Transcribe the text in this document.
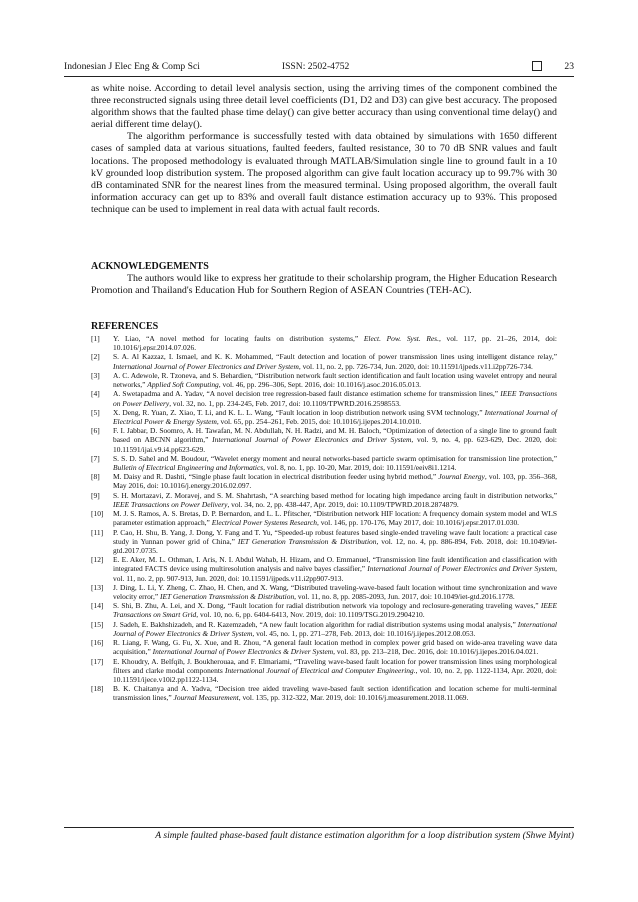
Indonesian J Elec Eng & Comp Sci	ISSN: 2502-4752	23

as white noise. According to detail level analysis section, using the arriving times of the component combined the three reconstructed signals using three detail level coefficients (D1, D2 and D3) can give best accuracy. The proposed algorithm shows that the faulted phase time delay() can give better accuracy than using conventional time delay() and aerial different time delay().

The algorithm performance is successfully tested with data obtained by simulations with 1650 different cases of sampled data at various situations, faulted feeders, faulted resistance, 30 to 70 dB SNR values and fault locations. The proposed methodology is evaluated through MATLAB/Simulation single line to ground fault in a 10 kV grounded loop distribution system. The proposed algorithm can give fault location accuracy up to 99.7% with 30 dB contaminated SNR for the nearest lines from the measured terminal. Using proposed algorithm, the overall fault information accuracy can get up to 83% and overall fault distance estimation accuracy up to 93%. This proposed technique can be used to implement in real data with actual fault records.

ACKNOWLEDGEMENTS
The authors would like to express her gratitude to their scholarship program, the Higher Education Research Promotion and Thailand's Education Hub for Southern Region of ASEAN Countries (TEH-AC).
REFERENCES
[1]	Y. Liao, “A novel method for locating faults on distribution systems,” Elect. Pow. Syst. Res., vol. 117, pp. 21–26, 2014, doi: 10.1016/j.epsr.2014.07.026.
[2]	S. A. Al Kazzaz, I. Ismael, and K. K. Mohammed, “Fault detection and location of power transmission lines using intelligent distance relay,” International Journal of Power Electronics and Driver System, vol. 11, no. 2, pp. 726-734, Jun. 2020, doi: 10.11591/ijpeds.v11.i2pp726-734.
[3]	A. C. Adewole, R. Tzoneva, and S. Behardien, “Distribution network fault section identification and fault location using wavelet entropy and neural networks,” Applied Soft Computing, vol. 46, pp. 296–306, Sept. 2016, doi: 10.1016/j.asoc.2016.05.013.
[4]	A. Swetapadma and A. Yadav, “A novel decision tree regression-based fault distance estimation scheme for transmission lines,” IEEE Transactions on Power Delivery, vol. 32, no. 1, pp. 234-245, Feb. 2017, doi: 10.1109/TPWRD.2016.2598553.
[5]	X. Deng, R. Yuan, Z. Xiao, T. Li, and K. L. L. Wang, “Fault location in loop distribution network using SVM technology,” International Journal of Electrical Power & Energy System, vol. 65, pp. 254–261, Feb. 2015, doi: 10.1016/j.ijepes.2014.10.010.
[6]	F. I. Jabbar, D. Soomro, A. H. Tawafan, M. N. Abdullah, N. H. Radzi, and M. H. Baloch, “Optimization of detection of a single line to ground fault based on ABCNN algorithm,” International Journal of Power Electronics and Driver System, vol. 9, no. 4, pp. 623-629, Dec. 2020, doi: 10.11591/ijai.v9.i4.pp623-629.
[7]	S. S. D. Sahel and M. Boudour, “Wavelet energy moment and neural networks-based particle swarm optimisation for transmission line protection,” Bulletin of Electrical Engineering and Informatics, vol. 8, no. 1, pp. 10-20, Mar. 2019, doi: 10.11591/eeiv8i1.1214.
[8]	M. Daisy and R. Dashti, “Single phase fault location in electrical distribution feeder using hybrid method,” Journal Energy, vol. 103, pp. 356–368, May 2016, doi: 10.1016/j.energy.2016.02.097.
[9]	S. H. Mortazavi, Z. Moravej, and S. M. Shahrtash, “A searching based method for locating high impedance arcing fault in distribution networks,” IEEE Transactions on Power Delivery, vol. 34, no. 2, pp. 438-447, Apr. 2019, doi: 10.1109/TPWRD.2018.2874879.
[10]	M. J. S. Ramos, A. S. Bretas, D. P. Bernardon, and L. L. Pfitscher, “Distribution network HIF location: A frequency domain system model and WLS parameter estimation approach,” Electrical Power Systems Research, vol. 146, pp. 170-176, May 2017, doi: 10.1016/j.epsr.2017.01.030.
[11]	P. Cao, H. Shu, B. Yang, J. Dong, Y. Fang and T. Yu, “Speeded-up robust features based single-ended traveling wave fault location: a practical case study in Yunnan power grid of China,” IET Generation Transmission & Distribution, vol. 12, no. 4, pp. 886-894, Feb. 2018, doi: 10.1049/iet-gtd.2017.0735.
[12]	E. E. Aker, M. L. Othman, I. Aris, N. I. Abdul Wahab, H. Hizam, and O. Emmanuel, “Transmission line fault identification and classification with integrated FACTS device using multiresolution analysis and naïve bayes classifier,” International Journal of Power Electronics and Driver System, vol. 11, no. 2, pp. 907-913, Jun. 2020, doi: 10.11591/ijpeds.v11.i2pp907-913.
[13]	J. Ding, L. Li, Y. Zheng, C. Zhao, H. Chen, and X. Wang, “Distributed traveling-wave-based fault location without time synchronization and wave velocity error,” IET Generation Transmission & Distribution, vol. 11, no. 8, pp. 2085-2093, Jun. 2017, doi: 10.1049/iet-gtd.2016.1778.
[14]	S. Shi, B. Zhu, A. Lei, and X. Dong, “Fault location for radial distribution network via topology and reclosure-generating traveling waves,” IEEE Transactions on Smart Grid, vol. 10, no. 6, pp. 6404-6413, Nov. 2019, doi: 10.1109/TSG.2019.2904210.
[15]	J. Sadeh, E. Bakhshizadeh, and R. Kazemzadeh, “A new fault location algorithm for radial distribution systems using modal analysis,” International Journal of Power Electronics & Driver System, vol. 45, no. 1, pp. 271–278, Feb. 2013, doi: 10.1016/j.ijepes.2012.08.053.
[16]	R. Liang, F. Wang, G. Fu, X. Xue, and R. Zhou, “A general fault location method in complex power grid based on wide-area traveling wave data acquisition,” International Journal of Power Electronics & Driver System, vol. 83, pp. 213–218, Dec. 2016, doi: 10.1016/j.ijepes.2016.04.021.
[17]	E. Khoudry, A. Belfqih, J. Boukherouaa, and F. Elmariami, “Traveling wave-based fault location for power transmission lines using morphological filters and clarke modal components International Journal of Electrical and Computer Engineering., vol. 10, no. 2, pp. 1122-1134, Apr. 2020, doi: 10.11591/ijece.v10i2.pp1122-1134.
[18]	B. K. Chaitanya and A. Yadva, “Decision tree aided traveling wave-based fault section identification and location scheme for multi-terminal transmission lines,” Journal Measurement, vol. 135, pp. 312-322, Mar. 2019, doi: 10.1016/j.measurement.2018.11.069.
A simple faulted phase-based fault distance estimation algorithm for a loop distribution system (Shwe Myint)
